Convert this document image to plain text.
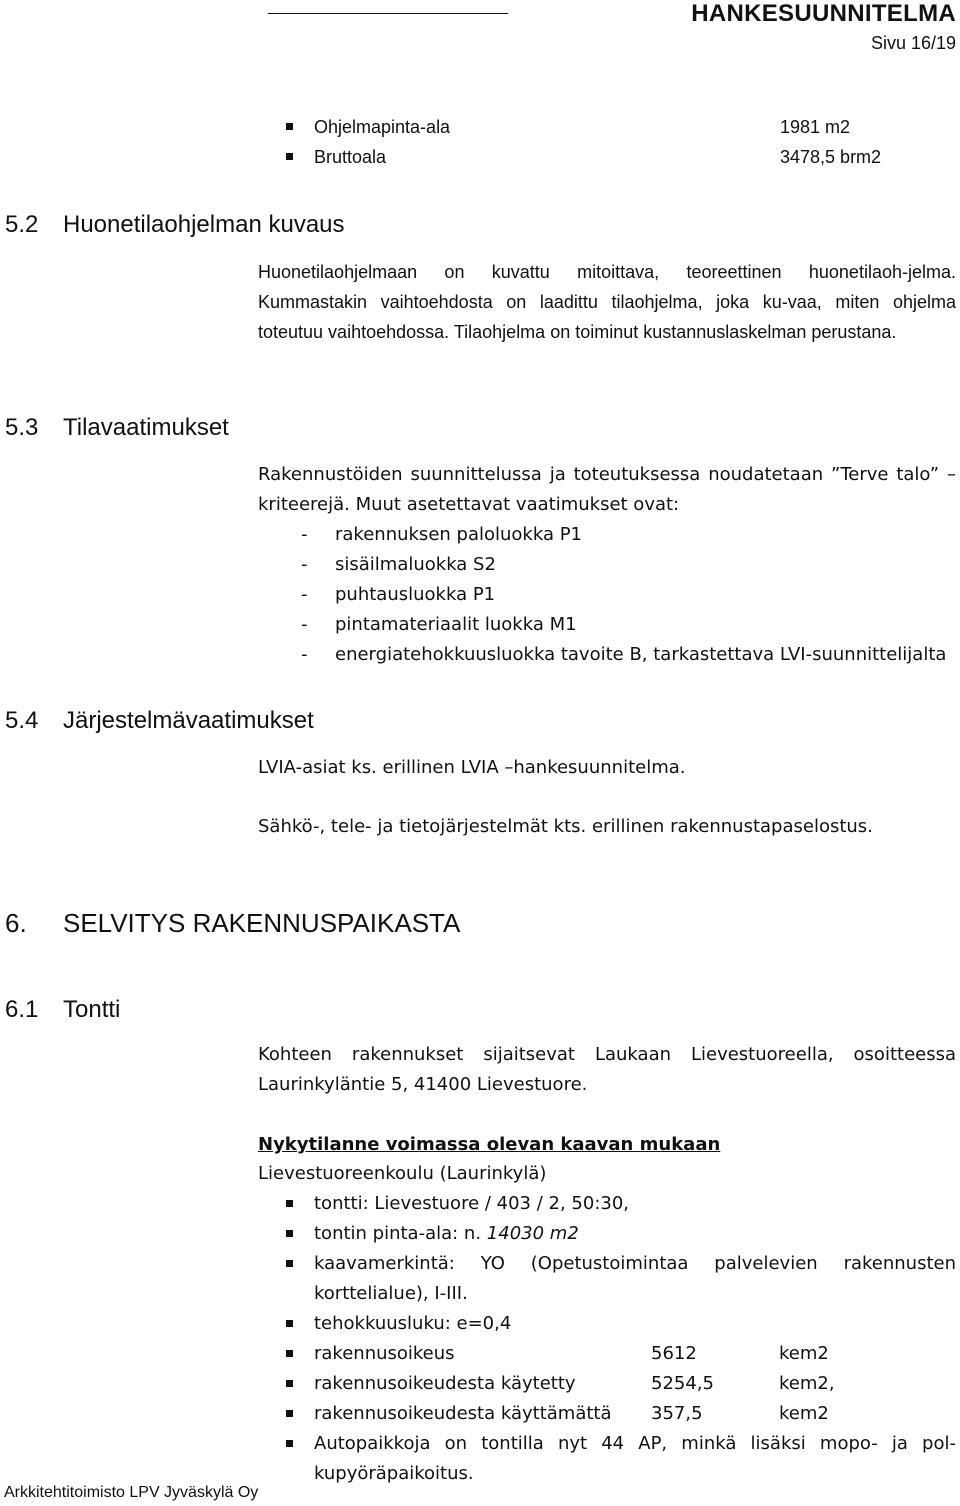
HANKESUUNNITELMA
Sivu 16/19
Ohjelmapinta-ala	1981 m2
Bruttoala	3478,5 brm2
5.2 Huonetilaohjelman kuvaus
Huonetilaohjelmaan on kuvattu mitoittava, teoreettinen huonetilaoh-jelma. Kummastakin vaihtoehdosta on laadittu tilaohjelma, joka ku-vaa, miten ohjelma toteutuu vaihtoehdossa. Tilaohjelma on toiminut kustannuslaskelman perustana.
5.3 Tilavaatimukset
Rakennustöiden suunnittelussa ja toteutuksessa noudatetaan ”Terve talo” –kriteerejä. Muut asetettavat vaatimukset ovat:
- rakennuksen paloluokka P1
- sisäilmaluokka S2
- puhtausluokka P1
- pintamateriaalit luokka M1
- energiatehokkuusluokka tavoite B, tarkastettava LVI-suunnittelijalta
5.4 Järjestelmävaatimukset
LVIA-asiat ks. erillinen LVIA –hankesuunnitelma.
Sähkö-, tele- ja tietojärjestelmät kts. erillinen rakennustapaselostus.
6. SELVITYS RAKENNUSPAIKASTA
6.1 Tontti
Kohteen rakennukset sijaitsevat Laukaan Lievestuoreella, osoitteessa Laurinkyläntie 5, 41400 Lievestuore.
Nykytilanne voimassa olevan kaavan mukaan
Lievestuoreenkoulu (Laurinkylä)
tontti: Lievestuore / 403 / 2, 50:30,
tontin pinta-ala: n. 14030 m2
kaavamerkintä: YO (Opetustoimintaa palvelevien rakennusten korttelialue), I-III.
tehokkuusluku: e=0,4
rakennusoikeus	5612	kem2
rakennusoikeudesta käytetty	5254,5	kem2,
rakennusoikeudesta käyttämättä	357,5	kem2
Autopaikkoja on tontilla nyt 44 AP, minkä lisäksi mopo- ja pol-kupyöräpaikoitus.
Arkkitehtitoimisto LPV Jyväskylä Oy
